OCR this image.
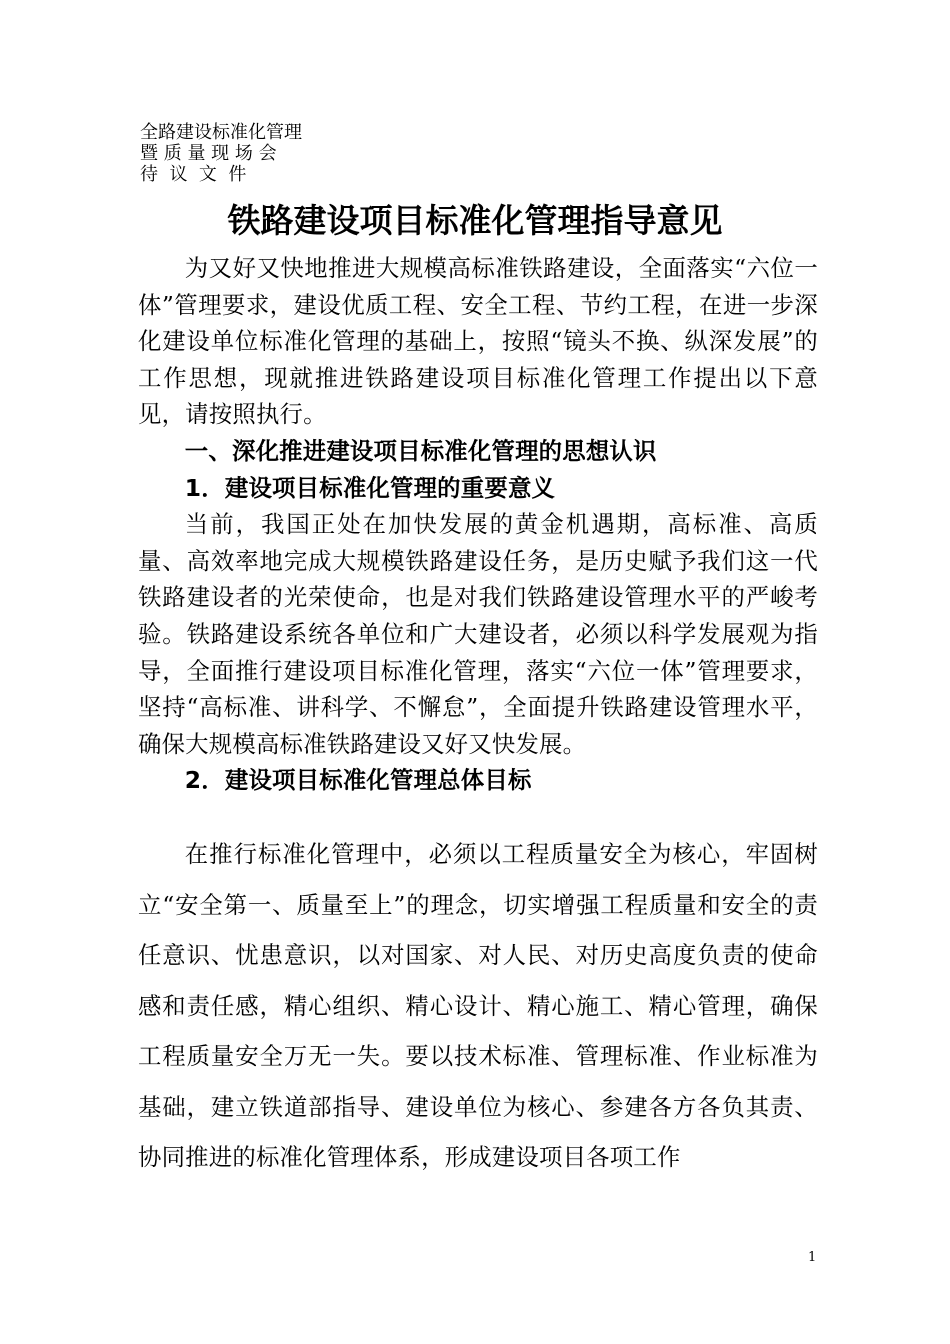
全路建设标准化管理
暨 质 量 现 场 会
待  议  文  件
铁路建设项目标准化管理指导意见

为又好又快地推进大规模高标准铁路建设，全面落实“六位一体”管理要求，建设优质工程、安全工程、节约工程，在进一步深化建设单位标准化管理的基础上，按照“镜头不换、纵深发展”的工作思想，现就推进铁路建设项目标准化管理工作提出以下意见，请按照执行。

一、深化推进建设项目标准化管理的思想认识

1．建设项目标准化管理的重要意义

当前，我国正处在加快发展的黄金机遇期，高标准、高质量、高效率地完成大规模铁路建设任务，是历史赋予我们这一代铁路建设者的光荣使命，也是对我们铁路建设管理水平的严峻考验。铁路建设系统各单位和广大建设者，必须以科学发展观为指导，全面推行建设项目标准化管理，落实“六位一体”管理要求，坚持“高标准、讲科学、不懈怠”，全面提升铁路建设管理水平，确保大规模高标准铁路建设又好又快发展。

2．建设项目标准化管理总体目标

在推行标准化管理中，必须以工程质量安全为核心，牢固树立“安全第一、质量至上”的理念，切实增强工程质量和安全的责任意识、忧患意识，以对国家、对人民、对历史高度负责的使命感和责任感，精心组织、精心设计、精心施工、精心管理，确保工程质量安全万无一失。要以技术标准、管理标准、作业标准为基础，建立铁道部指导、建设单位为核心、参建各方各负其责、协同推进的标准化管理体系，形成建设项目各项工作

1
